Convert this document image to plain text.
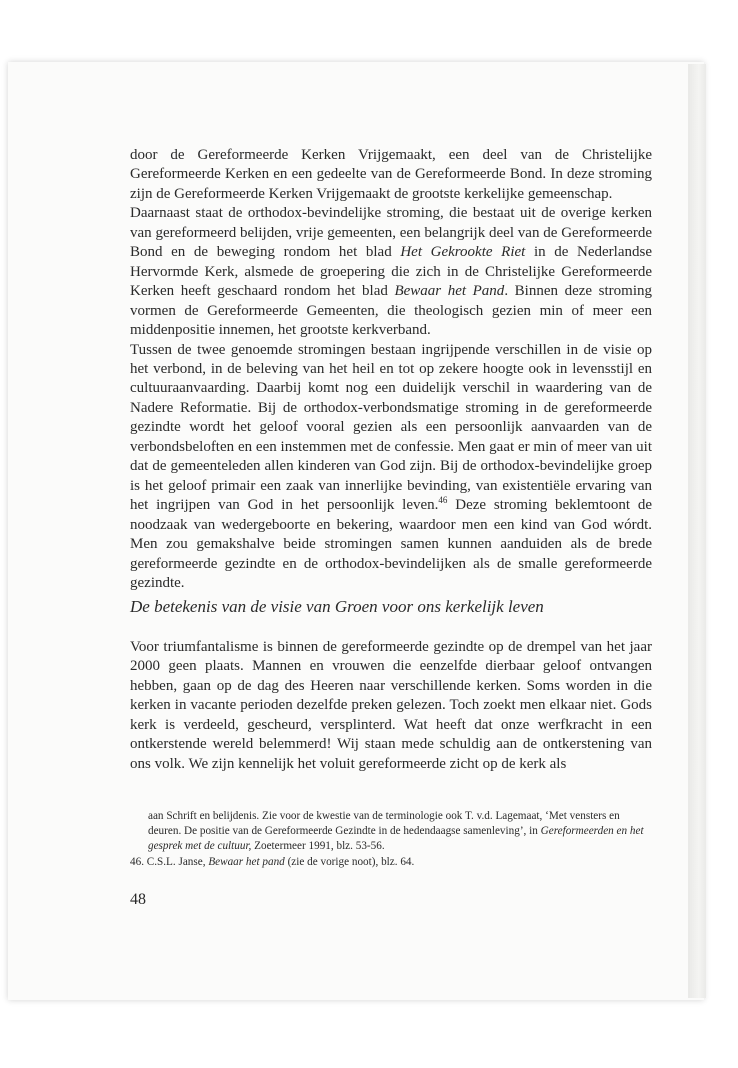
door de Gereformeerde Kerken Vrijgemaakt, een deel van de Christelijke Gereformeerde Kerken en een gedeelte van de Gereformeerde Bond. In deze stroming zijn de Gereformeerde Kerken Vrijgemaakt de grootste kerkelijke gemeenschap.

Daarnaast staat de orthodox-bevindelijke stroming, die bestaat uit de overige kerken van gereformeerd belijden, vrije gemeenten, een belangrijk deel van de Gereformeerde Bond en de beweging rondom het blad Het Gekrookte Riet in de Nederlandse Hervormde Kerk, alsmede de groepering die zich in de Christelijke Gereformeerde Kerken heeft geschaard rondom het blad Bewaar het Pand. Binnen deze stroming vormen de Gereformeerde Gemeenten, die theologisch gezien min of meer een middenpositie innemen, het grootste kerkverband.

Tussen de twee genoemde stromingen bestaan ingrijpende verschillen in de visie op het verbond, in de beleving van het heil en tot op zekere hoogte ook in levensstijl en cultuuraanvaarding. Daarbij komt nog een duidelijk verschil in waardering van de Nadere Reformatie. Bij de orthodox-verbondsmatige stroming in de gereformeerde gezindte wordt het geloof vooral gezien als een persoonlijk aanvaarden van de verbondsbeloften en een instemmen met de confessie. Men gaat er min of meer van uit dat de gemeenteleden allen kinderen van God zijn. Bij de orthodox-bevindelijke groep is het geloof primair een zaak van innerlijke bevinding, van existentiële ervaring van het ingrijpen van God in het persoonlijk leven.$^{46}$ Deze stroming beklemtoont de noodzaak van wedergeboorte en bekering, waardoor men een kind van God wórdt. Men zou gemakshalve beide stromingen samen kunnen aanduiden als de brede gereformeerde gezindte en de orthodox-bevindelijken als de smalle gereformeerde gezindte.

De betekenis van de visie van Groen voor ons kerkelijk leven

Voor triumfantalisme is binnen de gereformeerde gezindte op de drempel van het jaar 2000 geen plaats. Mannen en vrouwen die eenzelfde dierbaar geloof ontvangen hebben, gaan op de dag des Heeren naar verschillende kerken. Soms worden in die kerken in vacante perioden dezelfde preken gelezen. Toch zoekt men elkaar niet. Gods kerk is verdeeld, gescheurd, versplinterd. Wat heeft dat onze werfkracht in een ontkerstende wereld belemmerd! Wij staan mede schuldig aan de ontkerstening van ons volk. We zijn kennelijk het voluit gereformeerde zicht op de kerk als

aan Schrift en belijdenis. Zie voor de kwestie van de terminologie ook T. v.d. Lagemaat, ‘Met vensters en deuren. De positie van de Gereformeerde Gezindte in de hedendaagse samenleving’, in Gereformeerden en het gesprek met de cultuur, Zoetermeer 1991, blz. 53-56.

46. C.S.L. Janse, Bewaar het pand (zie de vorige noot), blz. 64.

48
